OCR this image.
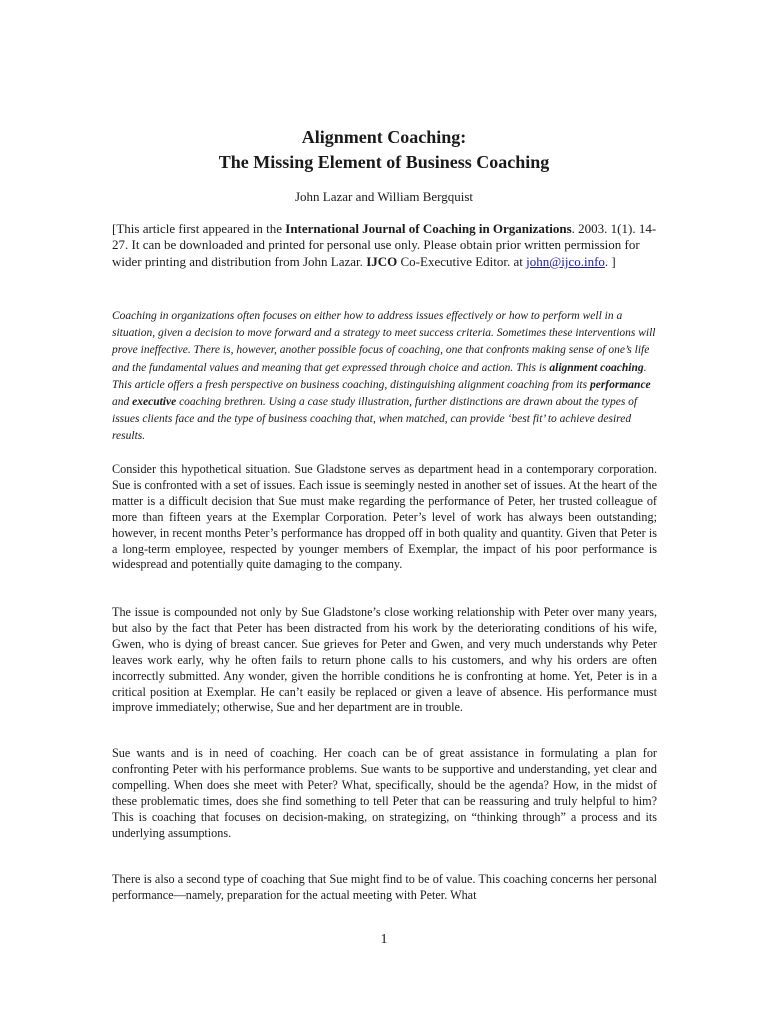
Alignment Coaching:
The Missing Element of Business Coaching

John Lazar and William Bergquist

[This article first appeared in the International Journal of Coaching in Organizations. 2003. 1(1). 14-27. It can be downloaded and printed for personal use only. Please obtain prior written permission for wider printing and distribution from John Lazar. IJCO Co-Executive Editor. at john@ijco.info. ]

Coaching in organizations often focuses on either how to address issues effectively or how to perform well in a situation, given a decision to move forward and a strategy to meet success criteria. Sometimes these interventions will prove ineffective. There is, however, another possible focus of coaching, one that confronts making sense of one’s life and the fundamental values and meaning that get expressed through choice and action. This is alignment coaching. This article offers a fresh perspective on business coaching, distinguishing alignment coaching from its performance and executive coaching brethren. Using a case study illustration, further distinctions are drawn about the types of issues clients face and the type of business coaching that, when matched, can provide ‘best fit’ to achieve desired results.

Consider this hypothetical situation. Sue Gladstone serves as department head in a contemporary corporation. Sue is confronted with a set of issues. Each issue is seemingly nested in another set of issues. At the heart of the matter is a difficult decision that Sue must make regarding the performance of Peter, her trusted colleague of more than fifteen years at the Exemplar Corporation. Peter’s level of work has always been outstanding; however, in recent months Peter’s performance has dropped off in both quality and quantity. Given that Peter is a long-term employee, respected by younger members of Exemplar, the impact of his poor performance is widespread and potentially quite damaging to the company.

The issue is compounded not only by Sue Gladstone’s close working relationship with Peter over many years, but also by the fact that Peter has been distracted from his work by the deteriorating conditions of his wife, Gwen, who is dying of breast cancer. Sue grieves for Peter and Gwen, and very much understands why Peter leaves work early, why he often fails to return phone calls to his customers, and why his orders are often incorrectly submitted. Any wonder, given the horrible conditions he is confronting at home. Yet, Peter is in a critical position at Exemplar. He can’t easily be replaced or given a leave of absence. His performance must improve immediately; otherwise, Sue and her department are in trouble.

Sue wants and is in need of coaching. Her coach can be of great assistance in formulating a plan for confronting Peter with his performance problems. Sue wants to be supportive and understanding, yet clear and compelling. When does she meet with Peter? What, specifically, should be the agenda? How, in the midst of these problematic times, does she find something to tell Peter that can be reassuring and truly helpful to him? This is coaching that focuses on decision-making, on strategizing, on “thinking through” a process and its underlying assumptions.

There is also a second type of coaching that Sue might find to be of value. This coaching concerns her personal performance—namely, preparation for the actual meeting with Peter. What

1
